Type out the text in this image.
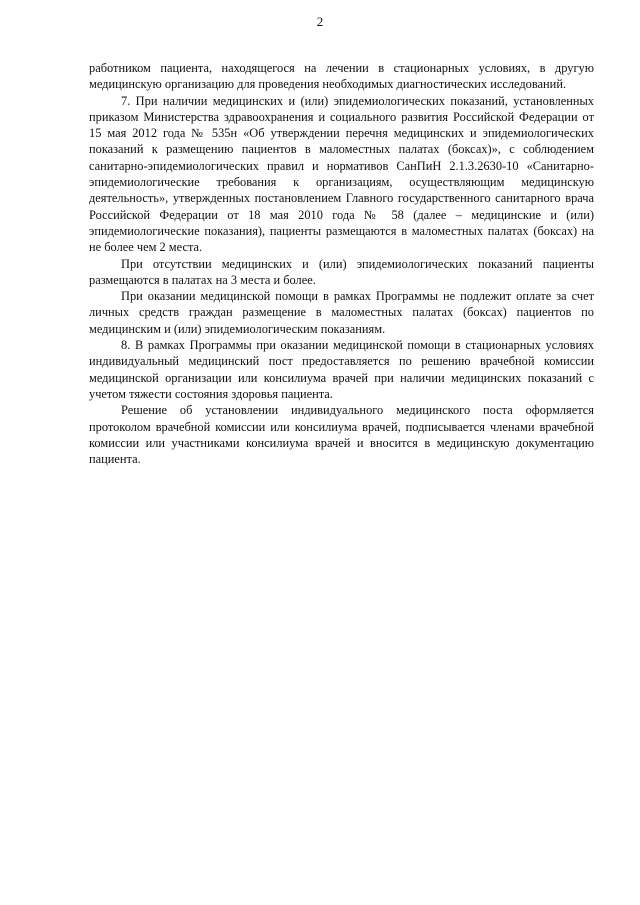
2

работником пациента, находящегося на лечении в стационарных условиях, в другую медицинскую организацию для проведения необходимых диагностических исследований.

7. При наличии медицинских и (или) эпидемиологических показаний, установленных приказом Министерства здравоохранения и социального развития Российской Федерации от 15 мая 2012 года № 535н «Об утверждении перечня медицинских и эпидемиологических показаний к размещению пациентов в маломестных палатах (боксах)», с соблюдением санитарно-эпидемиологических правил и нормативов СанПиН 2.1.3.2630-10 «Санитарно-эпидемиологические требования к организациям, осуществляющим медицинскую деятельность», утвержденных постановлением Главного государственного санитарного врача Российской Федерации от 18 мая 2010 года № 58 (далее – медицинские и (или) эпидемиологические показания), пациенты размещаются в маломестных палатах (боксах) на не более чем 2 места.

При отсутствии медицинских и (или) эпидемиологических показаний пациенты размещаются в палатах на 3 места и более.

При оказании медицинской помощи в рамках Программы не подлежит оплате за счет личных средств граждан размещение в маломестных палатах (боксах) пациентов по медицинским и (или) эпидемиологическим показаниям.

8. В рамках Программы при оказании медицинской помощи в стационарных условиях индивидуальный медицинский пост предоставляется по решению врачебной комиссии медицинской организации или консилиума врачей при наличии медицинских показаний с учетом тяжести состояния здоровья пациента.

Решение об установлении индивидуального медицинского поста оформляется протоколом врачебной комиссии или консилиума врачей, подписывается членами врачебной комиссии или участниками консилиума врачей и вносится в медицинскую документацию пациента.
